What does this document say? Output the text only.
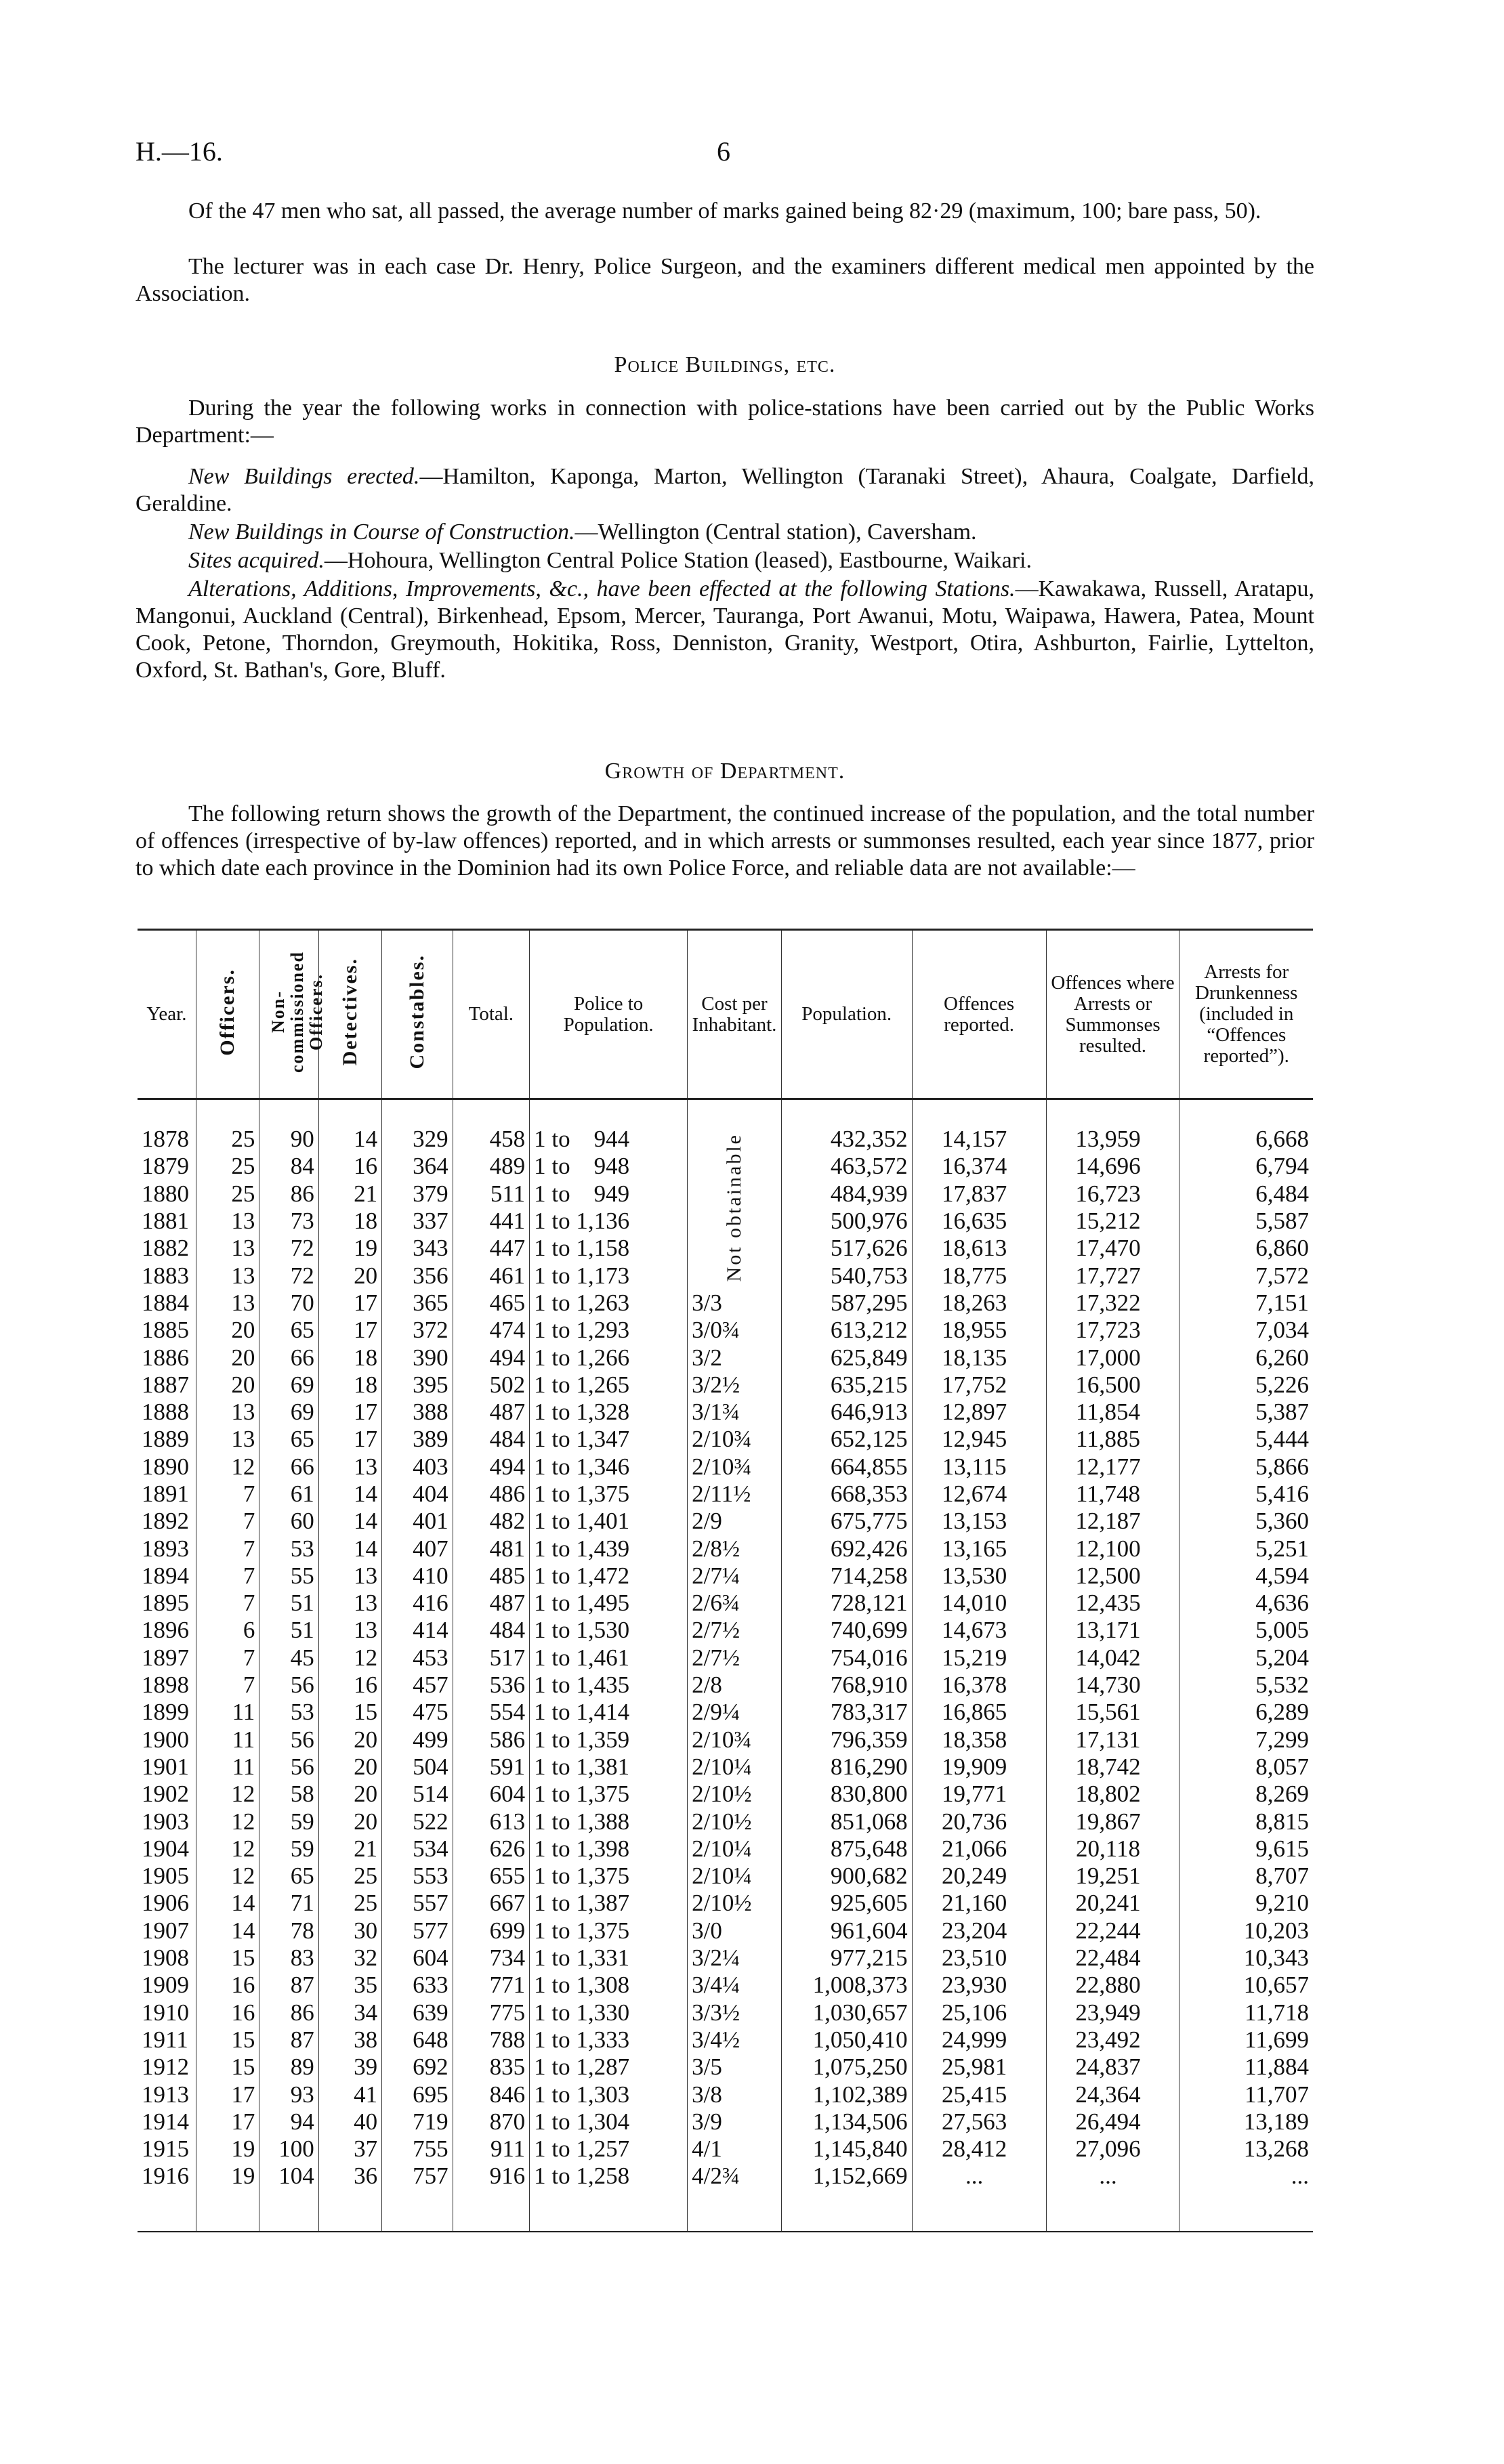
H.—16.	6
Of the 47 men who sat, all passed, the average number of marks gained being 82·29 (maximum, 100; bare pass, 50).
The lecturer was in each case Dr. Henry, Police Surgeon, and the examiners different medical men appointed by the Association.
Police Buildings, etc.
During the year the following works in connection with police-stations have been carried out by the Public Works Department:—
New Buildings erected.—Hamilton, Kaponga, Marton, Wellington (Taranaki Street), Ahaura, Coalgate, Darfield, Geraldine.
New Buildings in Course of Construction.—Wellington (Central station), Caversham.
Sites acquired.—Hohoura, Wellington Central Police Station (leased), Eastbourne, Waikari.
Alterations, Additions, Improvements, &c., have been effected at the following Stations.—Kawakawa, Russell, Aratapu, Mangonui, Auckland (Central), Birkenhead, Epsom, Mercer, Tauranga, Port Awanui, Motu, Waipawa, Hawera, Patea, Mount Cook, Petone, Thorndon, Greymouth, Hokitika, Ross, Denniston, Granity, Westport, Otira, Ashburton, Fairlie, Lyttelton, Oxford, St. Bathan's, Gore, Bluff.
Growth of Department.
The following return shows the growth of the Department, the continued increase of the population, and the total number of offences (irrespective of by-law offences) reported, and in which arrests or summonses resulted, each year since 1877, prior to which date each province in the Dominion had its own Police Force, and reliable data are not available:—
Year.	Officers.	Non-commissioned Officers.	Detectives.	Constables.	Total.	Police to Population.	Cost per Inhabitant.	Population.	Offences reported.	Offences where Arrests or Summonses resulted.	Arrests for Drunkenness (included in “Offences reported”).

1878	25	90	14	329	458	1 to    944	Not obtainable	432,352	14,157	13,959	6,668
1879	25	84	16	364	489	1 to    948		463,572	16,374	14,696	6,794
1880	25	86	21	379	511	1 to    949		484,939	17,837	16,723	6,484
1881	13	73	18	337	441	1 to 1,136		500,976	16,635	15,212	5,587
1882	13	72	19	343	447	1 to 1,158		517,626	18,613	17,470	6,860
1883	13	72	20	356	461	1 to 1,173		540,753	18,775	17,727	7,572
1884	13	70	17	365	465	1 to 1,263	3/3	587,295	18,263	17,322	7,151
1885	20	65	17	372	474	1 to 1,293	3/0¾	613,212	18,955	17,723	7,034
1886	20	66	18	390	494	1 to 1,266	3/2	625,849	18,135	17,000	6,260
1887	20	69	18	395	502	1 to 1,265	3/2½	635,215	17,752	16,500	5,226
1888	13	69	17	388	487	1 to 1,328	3/1¾	646,913	12,897	11,854	5,387
1889	13	65	17	389	484	1 to 1,347	2/10¾	652,125	12,945	11,885	5,444
1890	12	66	13	403	494	1 to 1,346	2/10¾	664,855	13,115	12,177	5,866
1891	7	61	14	404	486	1 to 1,375	2/11½	668,353	12,674	11,748	5,416
1892	7	60	14	401	482	1 to 1,401	2/9	675,775	13,153	12,187	5,360
1893	7	53	14	407	481	1 to 1,439	2/8½	692,426	13,165	12,100	5,251
1894	7	55	13	410	485	1 to 1,472	2/7¼	714,258	13,530	12,500	4,594
1895	7	51	13	416	487	1 to 1,495	2/6¾	728,121	14,010	12,435	4,636
1896	6	51	13	414	484	1 to 1,530	2/7½	740,699	14,673	13,171	5,005
1897	7	45	12	453	517	1 to 1,461	2/7½	754,016	15,219	14,042	5,204
1898	7	56	16	457	536	1 to 1,435	2/8	768,910	16,378	14,730	5,532
1899	11	53	15	475	554	1 to 1,414	2/9¼	783,317	16,865	15,561	6,289
1900	11	56	20	499	586	1 to 1,359	2/10¾	796,359	18,358	17,131	7,299
1901	11	56	20	504	591	1 to 1,381	2/10¼	816,290	19,909	18,742	8,057
1902	12	58	20	514	604	1 to 1,375	2/10½	830,800	19,771	18,802	8,269
1903	12	59	20	522	613	1 to 1,388	2/10½	851,068	20,736	19,867	8,815
1904	12	59	21	534	626	1 to 1,398	2/10¼	875,648	21,066	20,118	9,615
1905	12	65	25	553	655	1 to 1,375	2/10¼	900,682	20,249	19,251	8,707
1906	14	71	25	557	667	1 to 1,387	2/10½	925,605	21,160	20,241	9,210
1907	14	78	30	577	699	1 to 1,375	3/0	961,604	23,204	22,244	10,203
1908	15	83	32	604	734	1 to 1,331	3/2¼	977,215	23,510	22,484	10,343
1909	16	87	35	633	771	1 to 1,308	3/4¼	1,008,373	23,930	22,880	10,657
1910	16	86	34	639	775	1 to 1,330	3/3½	1,030,657	25,106	23,949	11,718
1911	15	87	38	648	788	1 to 1,333	3/4½	1,050,410	24,999	23,492	11,699
1912	15	89	39	692	835	1 to 1,287	3/5	1,075,250	25,981	24,837	11,884
1913	17	93	41	695	846	1 to 1,303	3/8	1,102,389	25,415	24,364	11,707
1914	17	94	40	719	870	1 to 1,304	3/9	1,134,506	27,563	26,494	13,189
1915	19	100	37	755	911	1 to 1,257	4/1	1,145,840	28,412	27,096	13,268
1916	19	104	36	757	916	1 to 1,258	4/2¾	1,152,669	...	...	...
